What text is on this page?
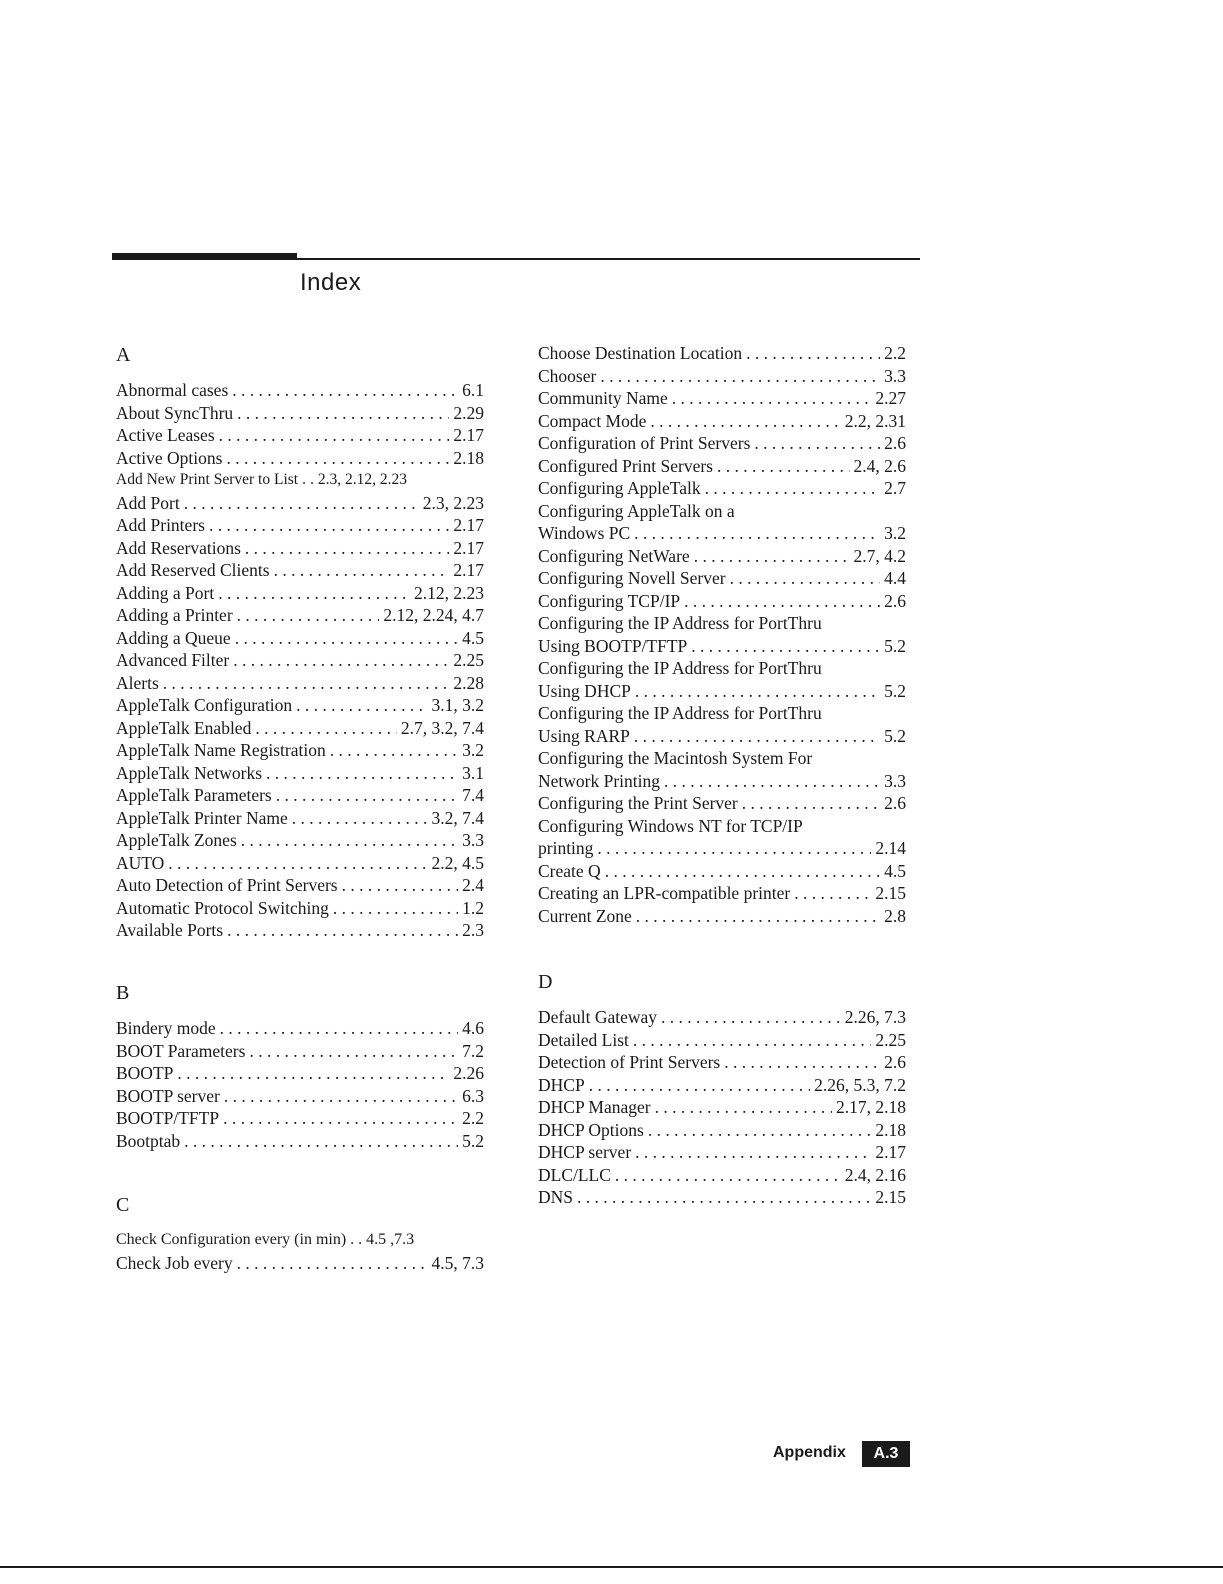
Index
A
Abnormal cases . . .	6.1
About SyncThru . . .	2.29
Active Leases . . .	2.17
Active Options . . .	2.18
Add New Print Server to List . . . . 2.3, 2.12, 2.23
Add Port . . .	2.3, 2.23
Add Printers . . .	2.17
Add Reservations . . .	2.17
Add Reserved Clients . . .	2.17
Adding a Port . . .	2.12, 2.23
Adding a Printer . . .	2.12, 2.24, 4.7
Adding a Queue . . .	4.5
Advanced Filter . . .	2.25
Alerts . . .	2.28
AppleTalk Configuration . . .	3.1, 3.2
AppleTalk Enabled . . .	2.7, 3.2, 7.4
AppleTalk Name Registration . . .	3.2
AppleTalk Networks . . .	3.1
AppleTalk Parameters . . .	7.4
AppleTalk Printer Name . . .	3.2, 7.4
AppleTalk Zones . . .	3.3
AUTO . . .	2.2, 4.5
Auto Detection of Print Servers . . .	2.4
Automatic Protocol Switching . . .	1.2
Available Ports . . .	2.3
B
Bindery mode . . .	4.6
BOOT Parameters . . .	7.2
BOOTP . . .	2.26
BOOTP server . . .	6.3
BOOTP/TFTP . . .	2.2
Bootptab . . .	5.2
C
Check Configuration every (in min) . . . . 4.5 ,7.3
Check Job every . . .	4.5, 7.3
Choose Destination Location . . .	2.2
Chooser . . .	3.3
Community Name . . .	2.27
Compact Mode . . .	2.2, 2.31
Configuration of Print Servers . . .	2.6
Configured Print Servers . . .	2.4, 2.6
Configuring AppleTalk . . .	2.7
Configuring AppleTalk on a
Windows PC . . .	3.2
Configuring NetWare . . .	2.7, 4.2
Configuring Novell Server . . .	4.4
Configuring TCP/IP . . .	2.6
Configuring the IP Address for PortThru
Using BOOTP/TFTP . . .	5.2
Configuring the IP Address for PortThru
Using DHCP . . .	5.2
Configuring the IP Address for PortThru
Using RARP . . .	5.2
Configuring the Macintosh System For
Network Printing . . .	3.3
Configuring the Print Server . . .	2.6
Configuring Windows NT for TCP/IP
printing . . .	2.14
Create Q . . .	4.5
Creating an LPR-compatible printer . . .	2.15
Current Zone . . .	2.8
D
Default Gateway . . .	2.26, 7.3
Detailed List . . .	2.25
Detection of Print Servers . . .	2.6
DHCP . . .	2.26, 5.3, 7.2
DHCP Manager . . .	2.17, 2.18
DHCP Options . . .	2.18
DHCP server . . .	2.17
DLC/LLC . . .	2.4, 2.16
DNS . . .	2.15
Appendix	A.3
